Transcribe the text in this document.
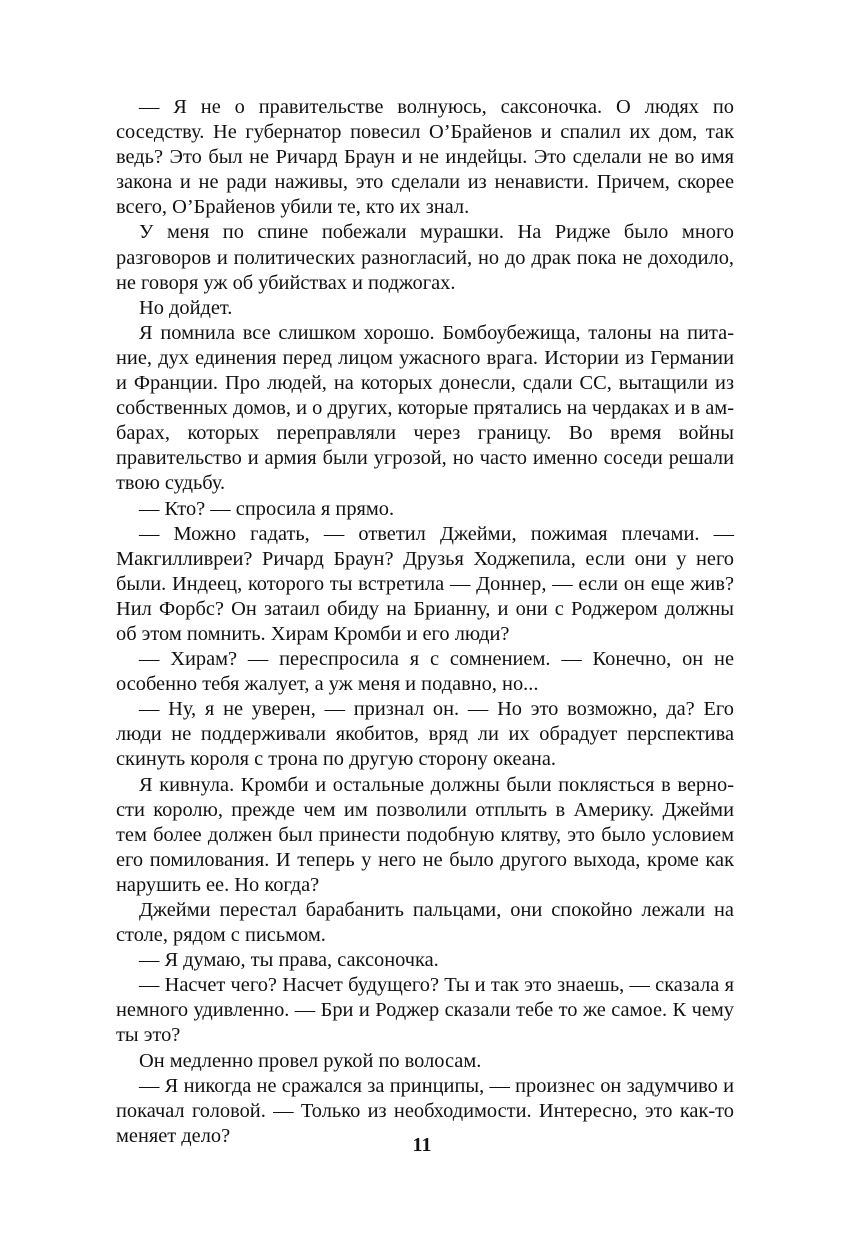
— Я не о правительстве волнуюсь, саксоночка. О людях по соседству. Не губернатор повесил О’Брайенов и спалил их дом, так ведь? Это был не Ричард Браун и не индейцы. Это сделали не во имя закона и не ради наживы, это сделали из ненависти. Причем, скорее всего, О’Брайенов убили те, кто их знал.

У меня по спине побежали мурашки. На Ридже было много разговоров и политических разногласий, но до драк пока не доходило, не говоря уж об убийствах и поджогах.

Но дойдет.

Я помнила все слишком хорошо. Бомбоубежища, талоны на питание, дух единения перед лицом ужасного врага. Истории из Германии и Франции. Про людей, на которых донесли, сдали СС, вытащили из собственных домов, и о других, которые прятались на чердаках и в амбарах, которых переправляли через границу. Во время войны правительство и армия были угрозой, но часто именно соседи решали твою судьбу.

— Кто? — спросила я прямо.

— Можно гадать, — ответил Джейми, пожимая плечами. — Макгилливреи? Ричард Браун? Друзья Ходжепила, если они у него были. Индеец, которого ты встретила — Доннер, — если он еще жив? Нил Форбс? Он затаил обиду на Брианну, и они с Роджером должны об этом помнить. Хирам Кромби и его люди?

— Хирам? — переспросила я с сомнением. — Конечно, он не особенно тебя жалует, а уж меня и подавно, но...

— Ну, я не уверен, — признал он. — Но это возможно, да? Его люди не поддерживали якобитов, вряд ли их обрадует перспектива скинуть короля с трона по другую сторону океана.

Я кивнула. Кромби и остальные должны были поклясться в верности королю, прежде чем им позволили отплыть в Америку. Джейми тем более должен был принести подобную клятву, это было условием его помилования. И теперь у него не было другого выхода, кроме как нарушить ее. Но когда?

Джейми перестал барабанить пальцами, они спокойно лежали на столе, рядом с письмом.

— Я думаю, ты права, саксоночка.

— Насчет чего? Насчет будущего? Ты и так это знаешь, — сказала я немного удивленно. — Бри и Роджер сказали тебе то же самое. К чему ты это?

Он медленно провел рукой по волосам.

— Я никогда не сражался за принципы, — произнес он задумчиво и покачал головой. — Только из необходимости. Интересно, это как-то меняет дело?	11
